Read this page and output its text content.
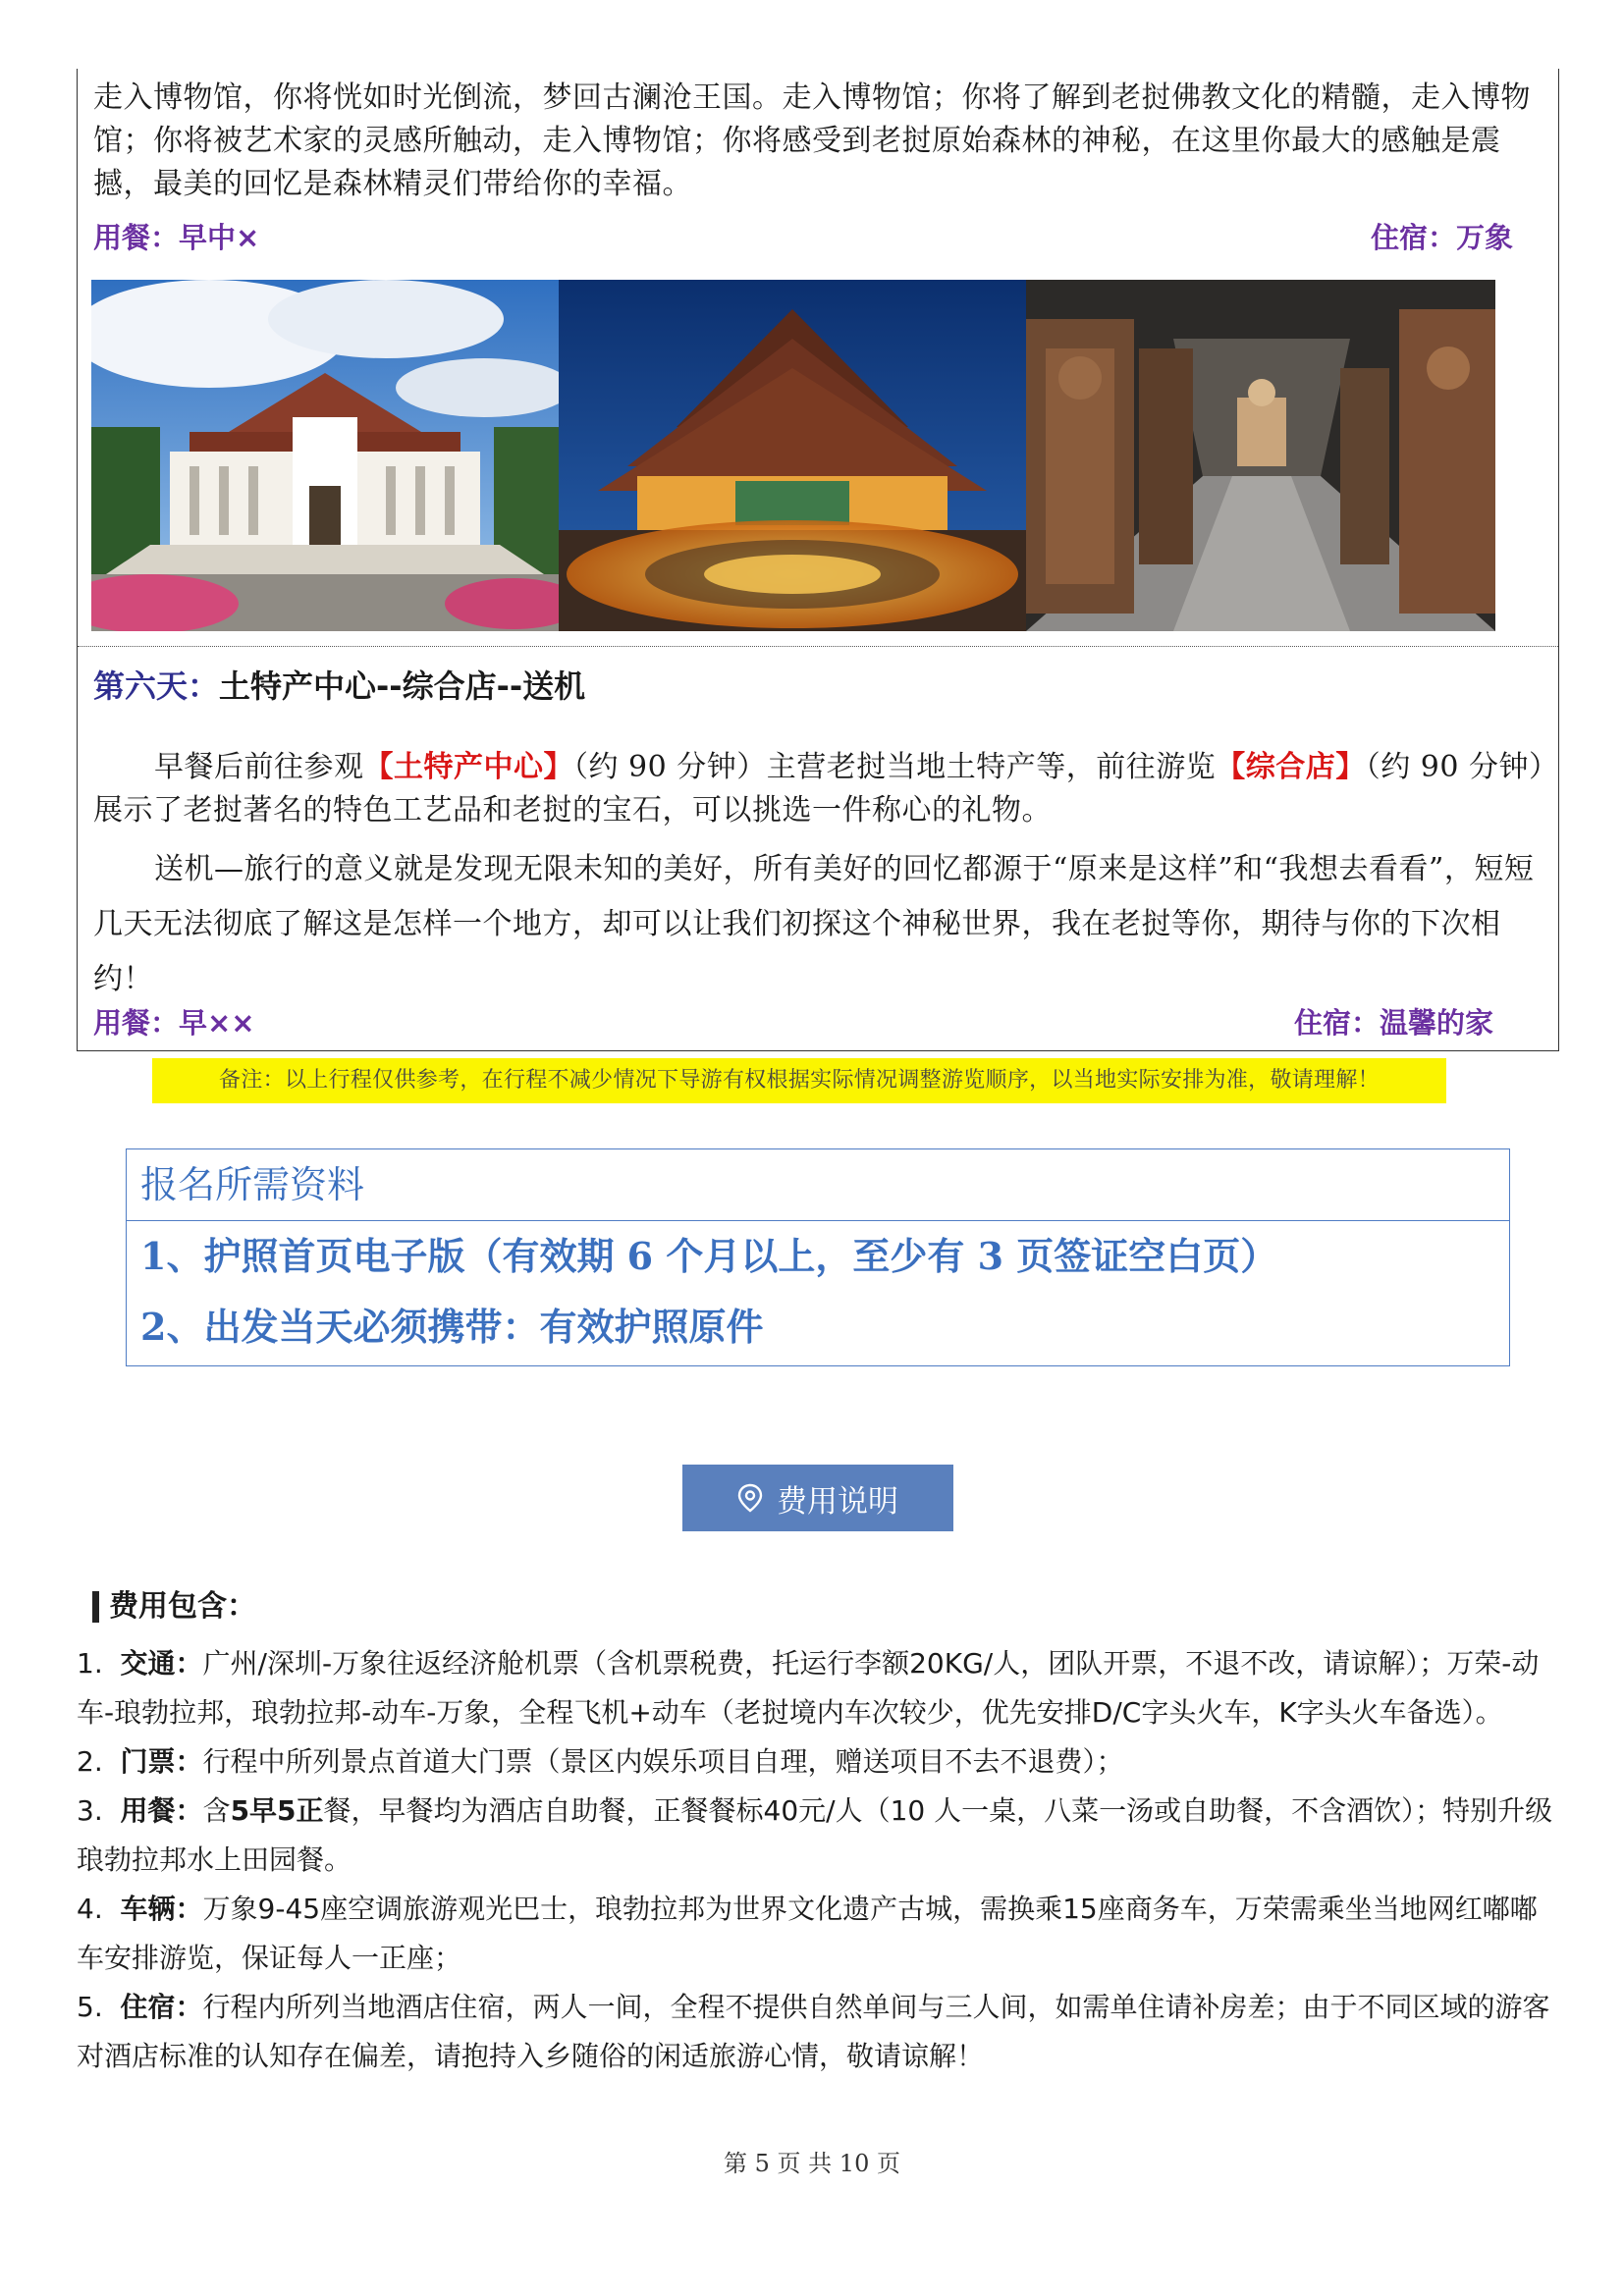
走入博物馆，你将恍如时光倒流，梦回古澜沧王国。走入博物馆；你将了解到老挝佛教文化的精髓，走入博物馆；你将被艺术家的灵感所触动，走入博物馆；你将感受到老挝原始森林的神秘，在这里你最大的感触是震撼，最美的回忆是森林精灵们带给你的幸福。
用餐：早中×	住宿：万象
第六天：土特产中心--综合店--送机
早餐后前往参观【土特产中心】（约 90 分钟）主营老挝当地土特产等，前往游览【综合店】（约 90 分钟）展示了老挝著名的特色工艺品和老挝的宝石，可以挑选一件称心的礼物。
送机—旅行的意义就是发现无限未知的美好，所有美好的回忆都源于“原来是这样”和“我想去看看”，短短几天无法彻底了解这是怎样一个地方，却可以让我们初探这个神秘世界，我在老挝等你，期待与你的下次相约！
用餐：早××	住宿：温馨的家
备注：以上行程仅供参考，在行程不减少情况下导游有权根据实际情况调整游览顺序，以当地实际安排为准，敬请理解！
报名所需资料
1、护照首页电子版（有效期 6 个月以上，至少有 3 页签证空白页）
2、出发当天必须携带：有效护照原件
费用说明
费用包含：

1. 交通：广州/深圳-万象往返经济舱机票（含机票税费，托运行李额20KG/人，团队开票，不退不改，请谅解）；万荣-动车-琅勃拉邦，琅勃拉邦-动车-万象，全程飞机+动车（老挝境内车次较少，优先安排D/C字头火车，K字头火车备选）。

2. 门票：行程中所列景点首道大门票（景区内娱乐项目自理，赠送项目不去不退费）；

3. 用餐：含5早5正餐，早餐均为酒店自助餐，正餐餐标40元/人（10 人一桌，八菜一汤或自助餐，不含酒饮）；特别升级琅勃拉邦水上田园餐。

4. 车辆：万象9-45座空调旅游观光巴士，琅勃拉邦为世界文化遗产古城，需换乘15座商务车，万荣需乘坐当地网红嘟嘟车安排游览，保证每人一正座；

5. 住宿：行程内所列当地酒店住宿，两人一间，全程不提供自然单间与三人间，如需单住请补房差；由于不同区域的游客对酒店标准的认知存在偏差，请抱持入乡随俗的闲适旅游心情，敬请谅解！

第 5 页 共 10 页
